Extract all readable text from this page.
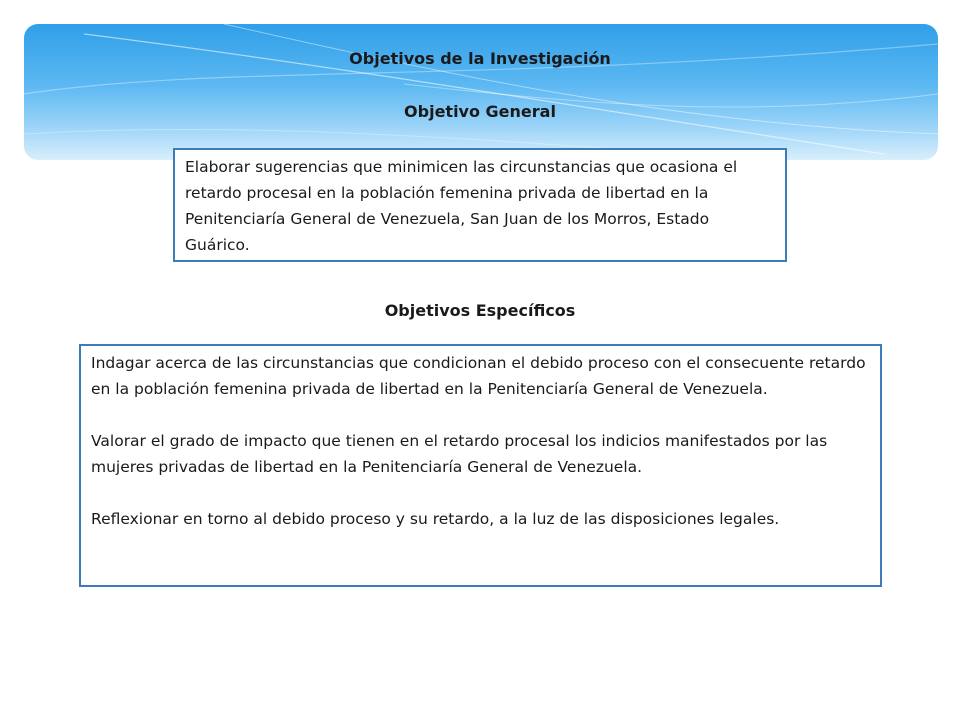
Objetivos de la Investigación
Objetivo General

Elaborar sugerencias que minimicen las circunstancias que ocasiona el retardo procesal en la población femenina privada de libertad en la Penitenciaría General de Venezuela, San Juan de los Morros, Estado Guárico.

Objetivos Específicos

Indagar acerca de las circunstancias que condicionan el debido proceso con el consecuente retardo en la población femenina privada de libertad en la Penitenciaría General de Venezuela.

Valorar el grado de impacto que tienen en el retardo procesal los indicios manifestados por las mujeres privadas de libertad en la Penitenciaría General de Venezuela.

Reflexionar en torno al debido proceso y su retardo, a la luz de las disposiciones legales.
